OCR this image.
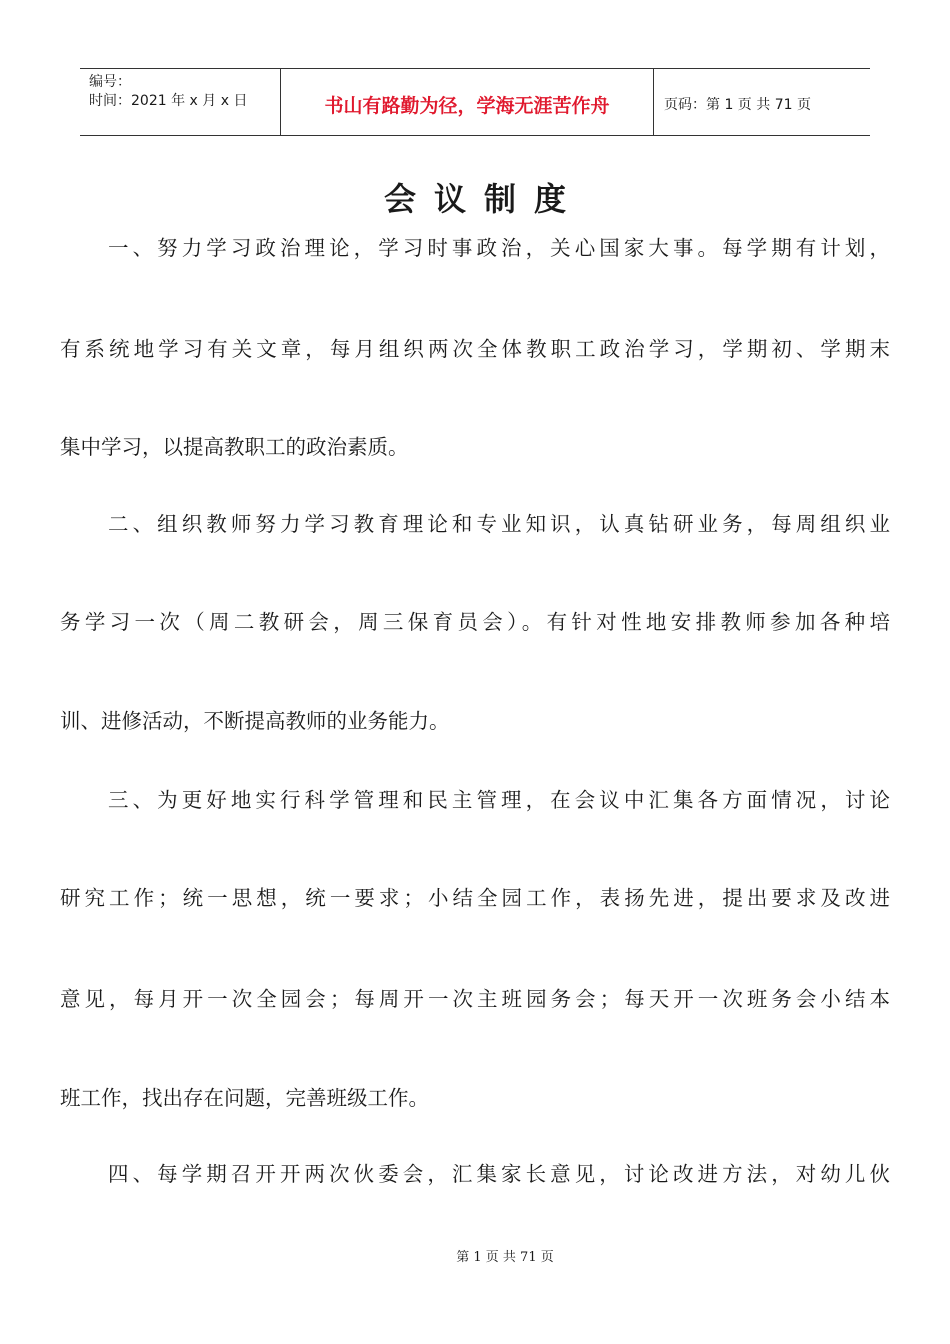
编号：
时间：2021 年 x 月 x 日	书山有路勤为径，学海无涯苦作舟	页码：第 1 页 共 71 页
会议制度
一、努力学习政治理论，学习时事政治，关心国家大事。每学期有计划，
有系统地学习有关文章，每月组织两次全体教职工政治学习，学期初、学期末
集中学习，以提高教职工的政治素质。
二、组织教师努力学习教育理论和专业知识，认真钻研业务，每周组织业
务学习一次（周二教研会，周三保育员会）。有针对性地安排教师参加各种培
训、进修活动，不断提高教师的业务能力。
三、为更好地实行科学管理和民主管理，在会议中汇集各方面情况，讨论
研究工作；统一思想，统一要求；小结全园工作，表扬先进，提出要求及改进
意见，每月开一次全园会；每周开一次主班园务会；每天开一次班务会小结本
班工作，找出存在问题，完善班级工作。
四、每学期召开开两次伙委会，汇集家长意见，讨论改进方法，对幼儿伙
第 1 页 共 71 页
